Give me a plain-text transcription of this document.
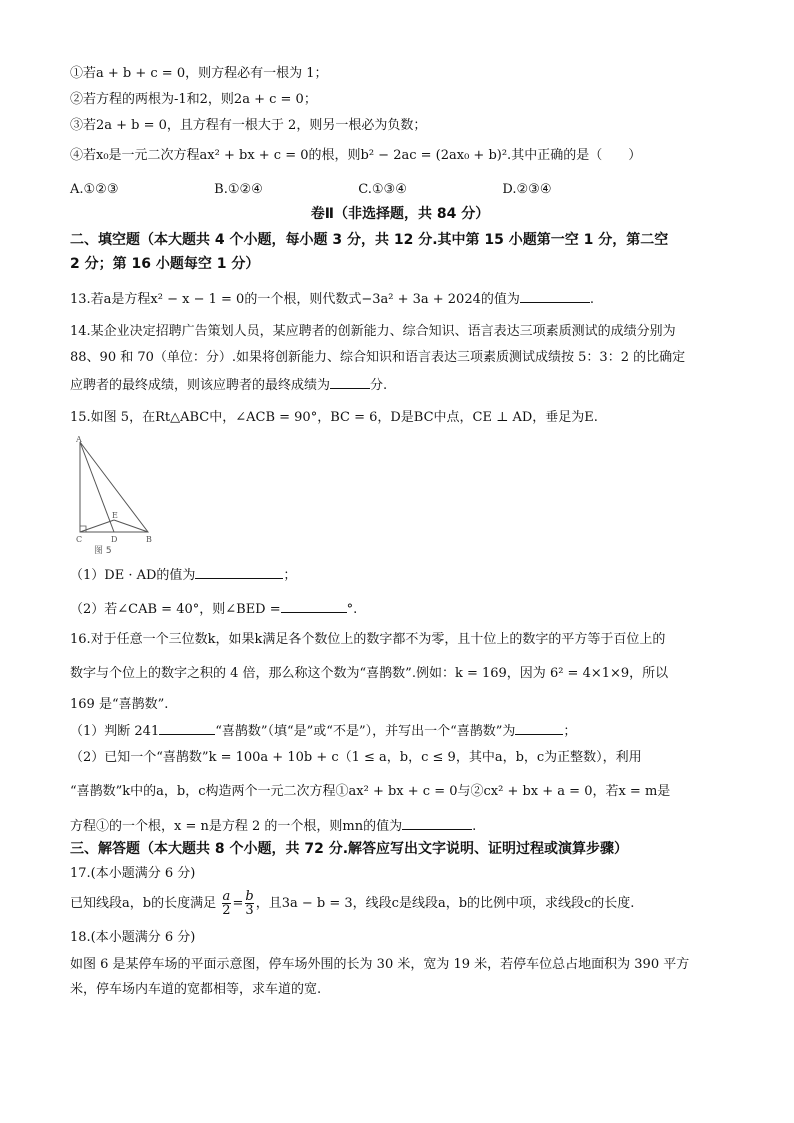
①若a + b + c = 0，则方程必有一根为 1；
②若方程的两根为-1和2，则2a + c = 0；
③若2a + b = 0，且方程有一根大于 2，则另一根必为负数；
④若x₀是一元二次方程ax² + bx + c = 0的根，则b² − 2ac = (2ax₀ + b)².其中正确的是（　　）
A.①②③	B.①②④	C.①③④	D.②③④
卷Ⅱ（非选择题，共 84 分）
二、填空题（本大题共 4 个小题，每小题 3 分，共 12 分.其中第 15 小题第一空 1 分，第二空
2 分；第 16 小题每空 1 分）
13.若a是方程x² − x − 1 = 0的一个根，则代数式−3a² + 3a + 2024的值为	.
14.某企业决定招聘广告策划人员，某应聘者的创新能力、综合知识、语言表达三项素质测试的成绩分别为
88、90 和 70（单位：分）.如果将创新能力、综合知识和语言表达三项素质测试成绩按 5：3：2 的比确定
应聘者的最终成绩，则该应聘者的最终成绩为	分.
15.如图 5，在Rt△ABC中，∠ACB = 90°，BC = 6，D是BC中点，CE ⊥ AD，垂足为E.
A
E
C	D	B
图 5
（1）DE · AD的值为	；
（2）若∠CAB = 40°，则∠BED =	°.
16.对于任意一个三位数k，如果k满足各个数位上的数字都不为零，且十位上的数字的平方等于百位上的
数字与个位上的数字之积的 4 倍，那么称这个数为“喜鹊数”.例如：k = 169，因为 6² = 4×1×9，所以
169 是“喜鹊数”.
（1）判断 241	“喜鹊数”（填“是”或“不是”），并写出一个“喜鹊数”为	；
（2）已知一个“喜鹊数”k = 100a + 10b + c（1 ≤ a，b，c ≤ 9，其中a，b，c为正整数），利用
“喜鹊数”k中的a，b，c构造两个一元二次方程①ax² + bx + c = 0与②cx² + bx + a = 0，若x = m是
方程①的一个根，x = n是方程 2 的一个根，则mn的值为	.
三、解答题（本大题共 8 个小题，共 72 分.解答应写出文字说明、证明过程或演算步骤）
17.(本小题满分 6 分)
已知线段a，b的长度满足 $\frac{a}{2} = \frac{b}{3}$ ，且3a − b = 3，线段c是线段a，b的比例中项，求线段c的长度.
18.(本小题满分 6 分)
如图 6 是某停车场的平面示意图，停车场外围的长为 30 米，宽为 19 米，若停车位总占地面积为 390 平方
米，停车场内车道的宽都相等，求车道的宽.
